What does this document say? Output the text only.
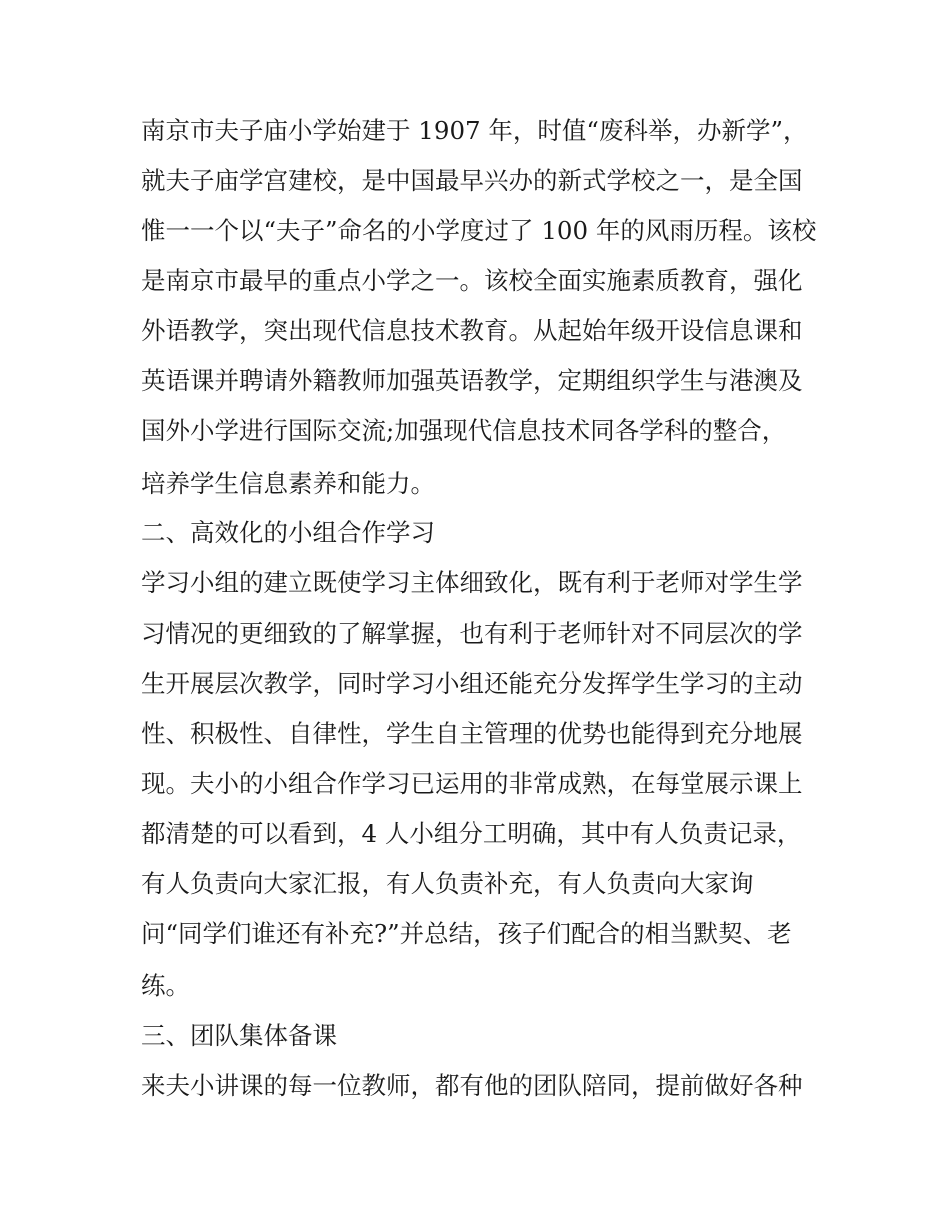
南京市夫子庙小学始建于 1907 年，时值“废科举，办新学”，
就夫子庙学宫建校，是中国最早兴办的新式学校之一，是全国
惟一一个以“夫子”命名的小学度过了 100 年的风雨历程。该校
是南京市最早的重点小学之一。该校全面实施素质教育，强化
外语教学，突出现代信息技术教育。从起始年级开设信息课和
英语课并聘请外籍教师加强英语教学，定期组织学生与港澳及
国外小学进行国际交流;加强现代信息技术同各学科的整合，
培养学生信息素养和能力。
二、高效化的小组合作学习
学习小组的建立既使学习主体细致化，既有利于老师对学生学
习情况的更细致的了解掌握，也有利于老师针对不同层次的学
生开展层次教学，同时学习小组还能充分发挥学生学习的主动
性、积极性、自律性，学生自主管理的优势也能得到充分地展
现。夫小的小组合作学习已运用的非常成熟，在每堂展示课上
都清楚的可以看到，4 人小组分工明确，其中有人负责记录，
有人负责向大家汇报，有人负责补充，有人负责向大家询
问“同学们谁还有补充?”并总结，孩子们配合的相当默契、老
练。
三、团队集体备课
来夫小讲课的每一位教师，都有他的团队陪同，提前做好各种
